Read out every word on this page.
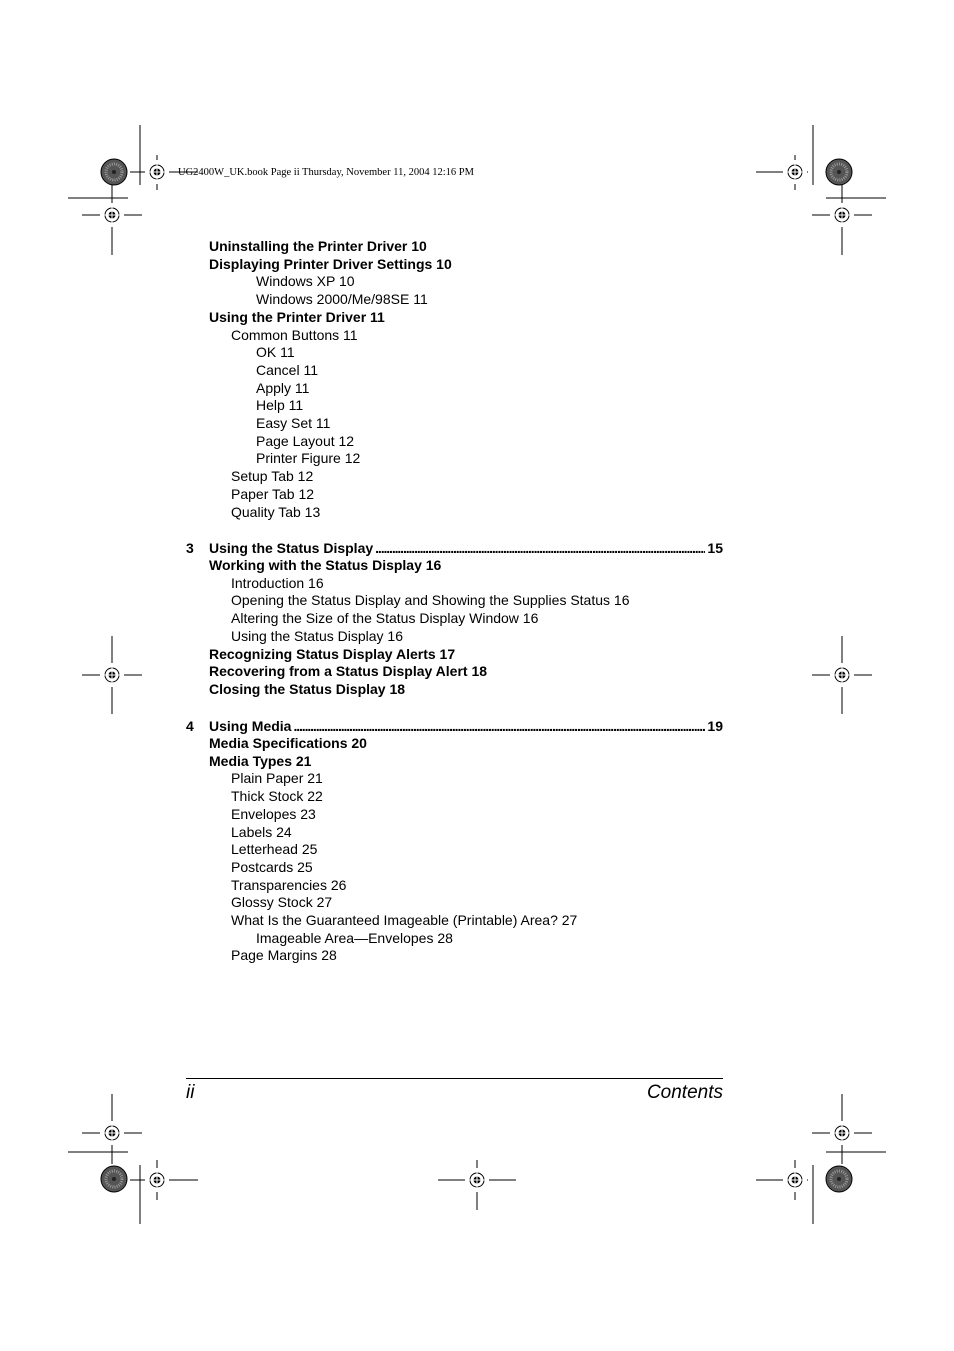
UG2400W_UK.book Page ii Thursday, November 11, 2004 12:16 PM
Uninstalling the Printer Driver 10
Displaying Printer Driver Settings 10
Windows XP 10
Windows 2000/Me/98SE 11
Using the Printer Driver 11
Common Buttons 11
OK 11
Cancel 11
Apply 11
Help 11
Easy Set 11
Page Layout 12
Printer Figure 12
Setup Tab 12
Paper Tab 12
Quality Tab 13
3	Using the Status Display . . .	15
Working with the Status Display 16
Introduction 16
Opening the Status Display and Showing the Supplies Status 16
Altering the Size of the Status Display Window 16
Using the Status Display 16
Recognizing Status Display Alerts 17
Recovering from a Status Display Alert 18
Closing the Status Display 18
4	Using Media . . .	19
Media Specifications 20
Media Types 21
Plain Paper 21
Thick Stock 22
Envelopes 23
Labels 24
Letterhead 25
Postcards 25
Transparencies 26
Glossy Stock 27
What Is the Guaranteed Imageable (Printable) Area? 27
Imageable Area—Envelopes 28
Page Margins 28
ii	Contents
